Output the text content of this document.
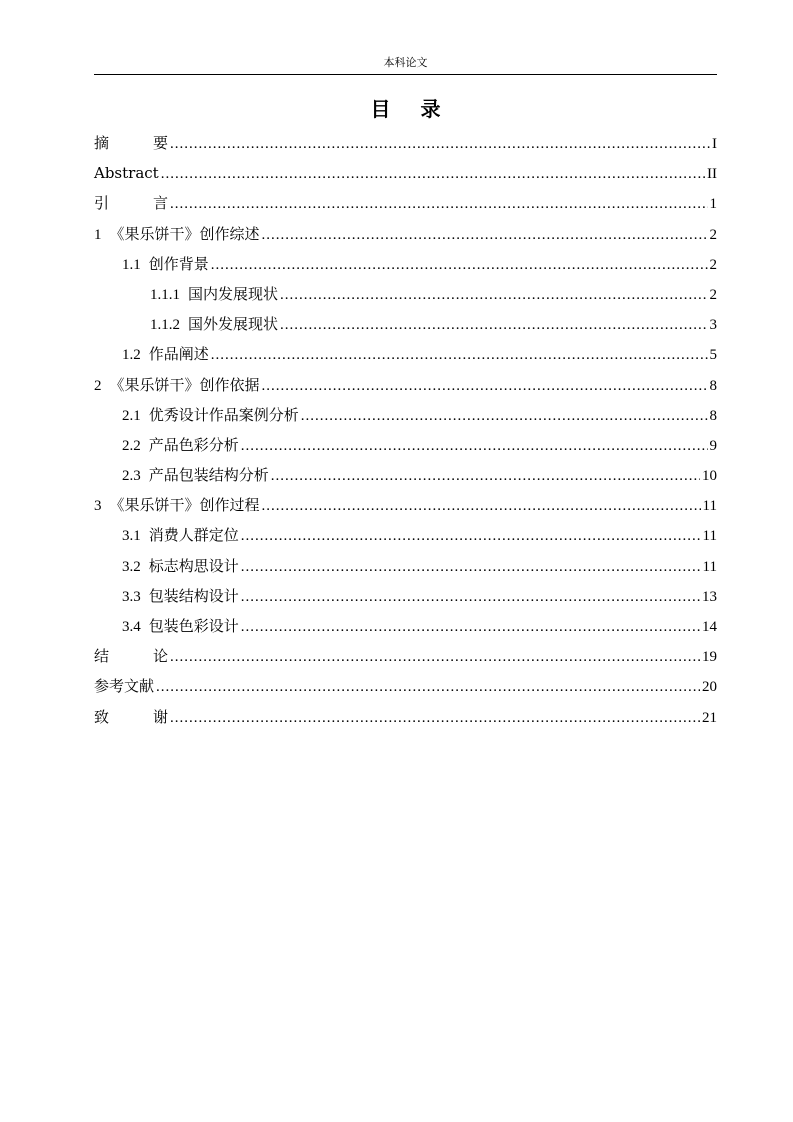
本科论文
目录
摘要 .....	I
Abstract .....	II
引言 .....	1
1 《果乐饼干》创作综述 .....	2
1.1 创作背景 .....	2
1.1.1 国内发展现状 .....	2
1.1.2 国外发展现状 .....	3
1.2 作品阐述 .....	5
2 《果乐饼干》创作依据 .....	8
2.1 优秀设计作品案例分析 .....	8
2.2 产品色彩分析 .....	9
2.3 产品包装结构分析 .....	10
3 《果乐饼干》创作过程 .....	11
3.1 消费人群定位 .....	11
3.2 标志构思设计 .....	11
3.3 包装结构设计 .....	13
3.4 包装色彩设计 .....	14
结论 .....	19
参考文献 .....	20
致谢 .....	21
